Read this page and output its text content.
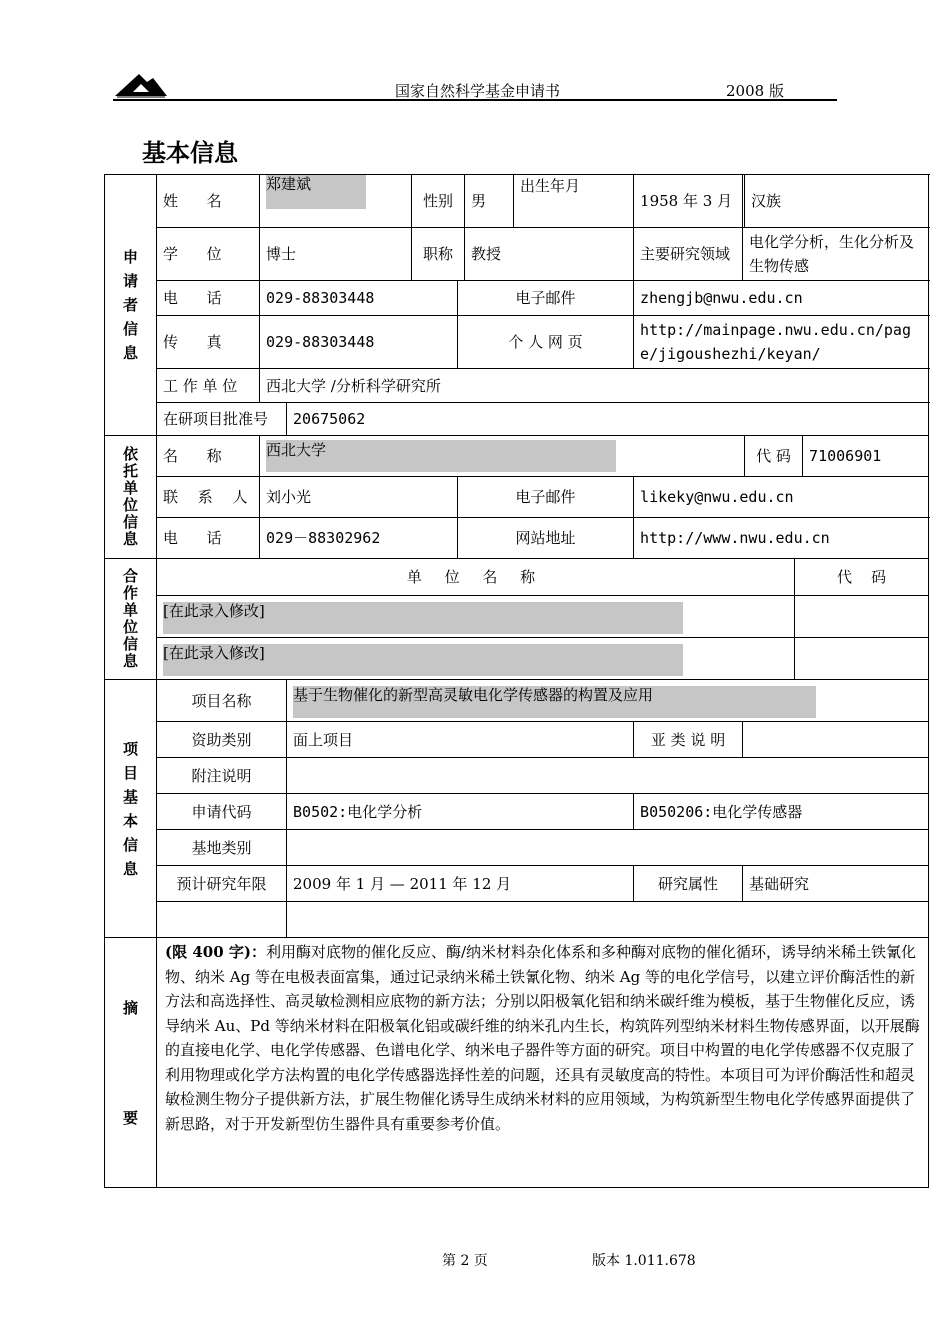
国家自然科学基金申请书	2008 版
基本信息
申请者信息	姓      名	郑建斌		性别		男	出生年月	1958 年 3 月		汉族		
	学      位	博士		职称		教授		主要研究领域	电化学分析，生化分析及生物传感			
	电      话	029-88303448			电子邮件			zhengjb@nwu.edu.cn				
	传      真	029-88303448			个 人 网 页			http://mainpage.nwu.edu.cn/page/jigoushezhi/keyan/				
	工 作 单 位	西北大学 /分析科学研究所										
	在研项目批准号		20675062									
依托单位信息	名      称	西北大学								代 码		71006901
	联 系 人	刘小光			电子邮件			likeky@nwu.edu.cn				
	电      话	029－88302962			网站地址			http://www.nwu.edu.cn				
合作单位信息	单 位 名 称										代    码	

	[在此录入修改]											

	[在此录入修改]											

项目基本信息	项目名称		基于生物催化的新型高灵敏电化学传感器的构置及应用									

	资助类别		面上项目					亚 类 说 明				
	附注说明											
	申请代码		B0502:电化学分析					B050206:电化学传感器				
	基地类别											
	预计研究年限		2009 年 1 月 — 2011 年 12 月					研究属性	基础研究			

摘要	(限 400 字)：利用酶对底物的催化反应、酶/纳米材料杂化体系和多种酶对底物的催化循环，诱导纳米稀土铁氰化物、纳米 Ag 等在电极表面富集，通过记录纳米稀土铁氰化物、纳米 Ag 等的电化学信号，以建立评价酶活性的新方法和高选择性、高灵敏检测相应底物的新方法；分别以阳极氧化铝和纳米碳纤维为模板，基于生物催化反应，诱导纳米 Au、Pd 等纳米材料在阳极氧化铝或碳纤维的纳米孔内生长，构筑阵列型纳米材料生物传感界面，以开展酶的直接电化学、电化学传感器、色谱电化学、纳米电子器件等方面的研究。项目中构置的电化学传感器不仅克服了利用物理或化学方法构置的电化学传感器选择性差的问题，还具有灵敏度高的特性。本项目可为评价酶活性和超灵敏检测生物分子提供新方法，扩展生物催化诱导生成纳米材料的应用领域，为构筑新型生物电化学传感界面提供了新思路，对于开发新型仿生器件具有重要参考价值。											
第 2 页	版本 1.011.678
